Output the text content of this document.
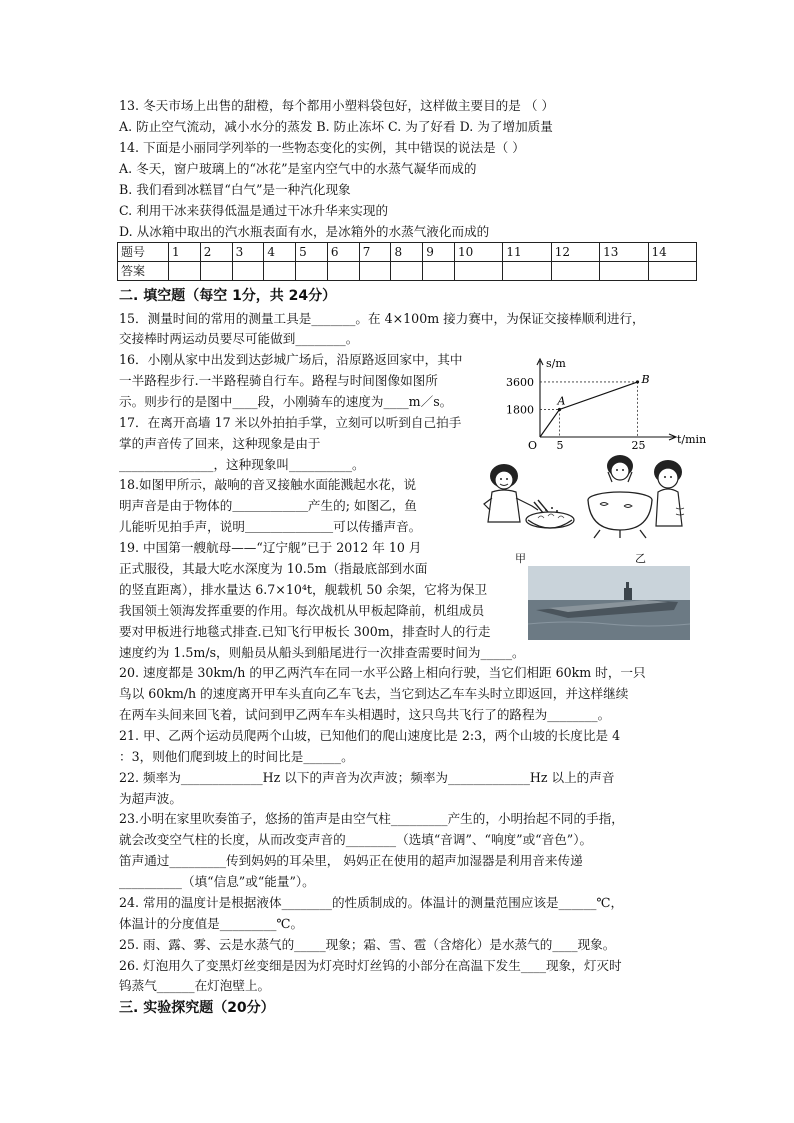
13. 冬天市场上出售的甜橙，每个都用小塑料袋包好，这样做主要目的是 （ ）
A. 防止空气流动，减小水分的蒸发 B. 防止冻坏 C. 为了好看 D. 为了增加质量
14. 下面是小丽同学列举的一些物态变化的实例，其中错误的说法是（ ）
A. 冬天，窗户玻璃上的“冰花”是室内空气中的水蒸气凝华而成的
B. 我们看到冰糕冒“白气”是一种汽化现象
C. 利用干冰来获得低温是通过干冰升华来实现的
D. 从冰箱中取出的汽水瓶表面有水，是冰箱外的水蒸气液化而成的
题号	1	2	3	4	5	6	7	8	9	10	11	12	13	14
答案														
二. 填空题（每空 1分，共 24分）
15．测量时间的常用的测量工具是_______。在 4×100m 接力赛中，为保证交接棒顺利进行，
交接棒时两运动员要尽可能做到________。
16．小刚从家中出发到达彭城广场后，沿原路返回家中，其中
一半路程步行.一半路程骑自行车。路程与时间图像如图所
示。则步行的是图中____段，小刚骑车的速度为____m／s。
17．在离开高墙 17 米以外拍拍手掌，立刻可以听到自己拍手
掌的声音传了回来，这种现象是由于
_______________，这种现象叫__________。
s/m
t/min
O
1800
3600
5	25
A
B
18.如图甲所示，敲响的音叉接触水面能溅起水花，说
明声音是由于物体的＿＿＿＿＿＿产生的; 如图乙，鱼
儿能听见拍手声，说明＿＿＿＿＿＿＿可以传播声音。
甲	乙
19. 中国第一艘航母——“辽宁舰”已于 2012 年 10 月
正式服役，其最大吃水深度为 10.5m（指最底部到水面
的竖直距离），排水量达 6.7×10⁴t，舰载机 50 余架，它将为保卫
我国领土领海发挥重要的作用。每次战机从甲板起降前，机组成员
要对甲板进行地毯式排查.已知飞行甲板长 300m，排查时人的行走
速度约为 1.5m/s，则船员从船头到船尾进行一次排查需要时间为_____。
20. 速度都是 30km/h 的甲乙两汽车在同一水平公路上相向行驶，当它们相距 60km 时，一只
鸟以 60km/h 的速度离开甲车头直向乙车飞去，当它到达乙车车头时立即返回，并这样继续
在两车头间来回飞着，试问到甲乙两车车头相遇时，这只鸟共飞行了的路程为________。
21. 甲、乙两个运动员爬两个山坡，已知他们的爬山速度比是 2:3，两个山坡的长度比是 4
：3，则他们爬到坡上的时间比是______。
22. 频率为_____________Hz 以下的声音为次声波；频率为_____________Hz 以上的声音
为超声波。
23.小明在家里吹奏笛子，悠扬的笛声是由空气柱_________产生的，小明抬起不同的手指，
就会改变空气柱的长度，从而改变声音的________（选填“音调”、“响度”或“音色”）。
笛声通过_________传到妈妈的耳朵里， 妈妈正在使用的超声加湿器是利用音来传递
__________（填“信息”或“能量”）。
24. 常用的温度计是根据液体________的性质制成的。体温计的测量范围应该是______℃，
体温计的分度值是_________℃。
25. 雨、露、雾、云是水蒸气的_____现象；霜、雪、雹（含熔化）是水蒸气的____现象。
26. 灯泡用久了变黑灯丝变细是因为灯亮时灯丝钨的小部分在高温下发生____现象，灯灭时
钨蒸气______在灯泡壁上。
三. 实验探究题（20分）
